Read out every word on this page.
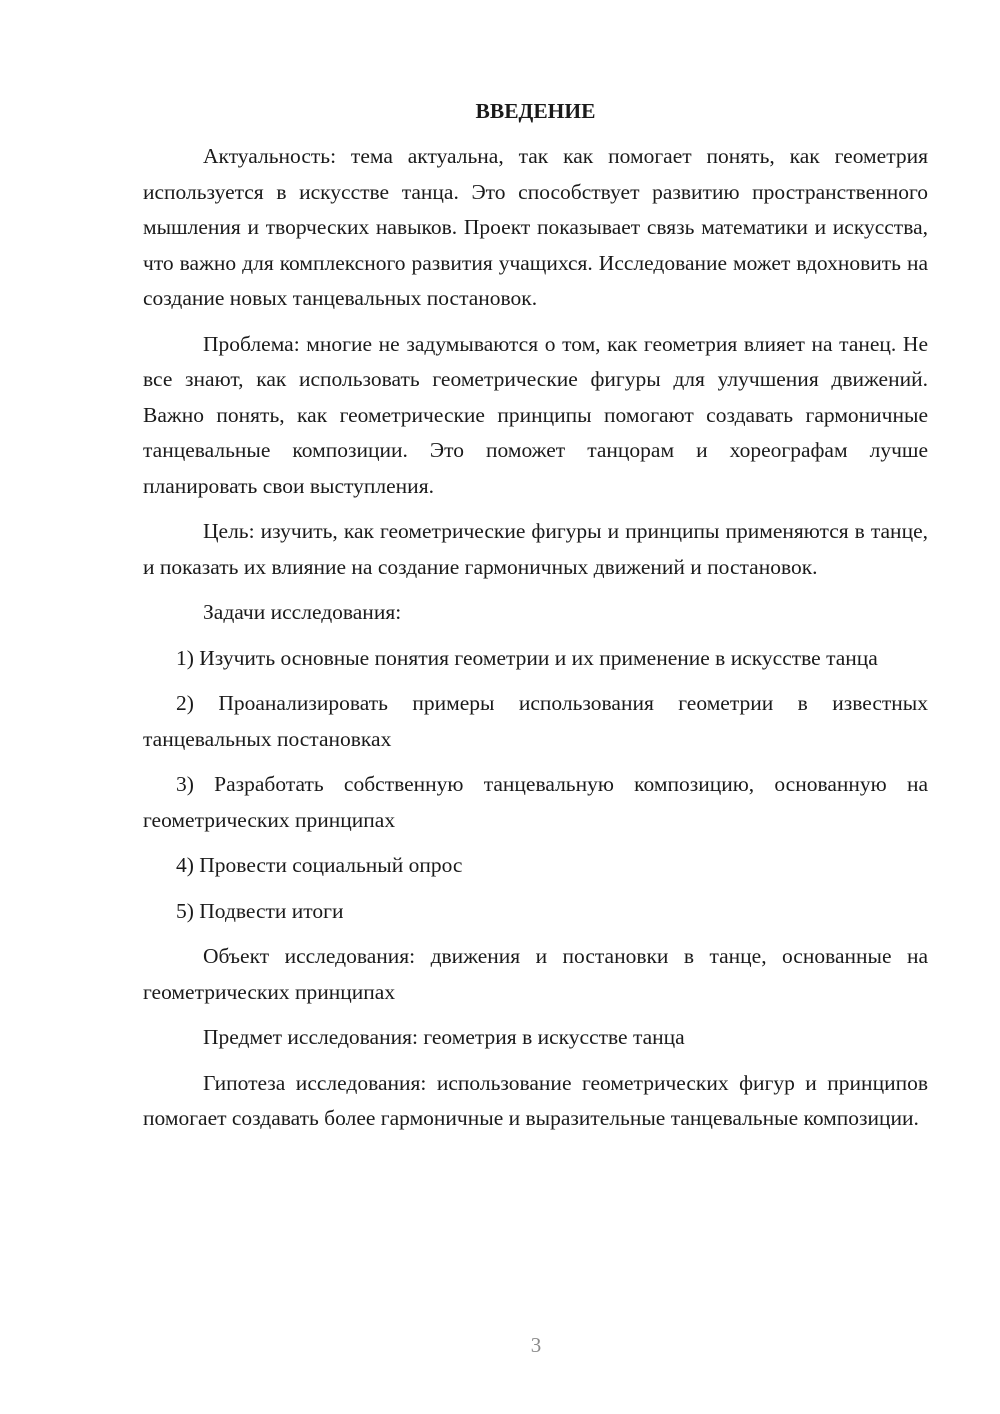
ВВЕДЕНИЕ

Актуальность: тема актуальна, так как помогает понять, как геометрия используется в искусстве танца. Это способствует развитию пространственного мышления и творческих навыков. Проект показывает связь математики и искусства, что важно для комплексного развития учащихся. Исследование может вдохновить на создание новых танцевальных постановок.

Проблема: многие не задумываются о том, как геометрия влияет на танец. Не все знают, как использовать геометрические фигуры для улучшения движений. Важно понять, как геометрические принципы помогают создавать гармоничные танцевальные композиции. Это поможет танцорам и хореографам лучше планировать свои выступления.

Цель: изучить, как геометрические фигуры и принципы применяются в танце, и показать их влияние на создание гармоничных движений и постановок.

Задачи исследования:

1) Изучить основные понятия геометрии и их применение в искусстве танца

2) Проанализировать примеры использования геометрии в известных танцевальных постановках

3) Разработать собственную танцевальную композицию, основанную на геометрических принципах

4) Провести социальный опрос

5) Подвести итоги

Объект исследования: движения и постановки в танце, основанные на геометрических принципах

Предмет исследования: геометрия в искусстве танца

Гипотеза исследования: использование геометрических фигур и принципов помогает создавать более гармоничные и выразительные танцевальные композиции.

3
